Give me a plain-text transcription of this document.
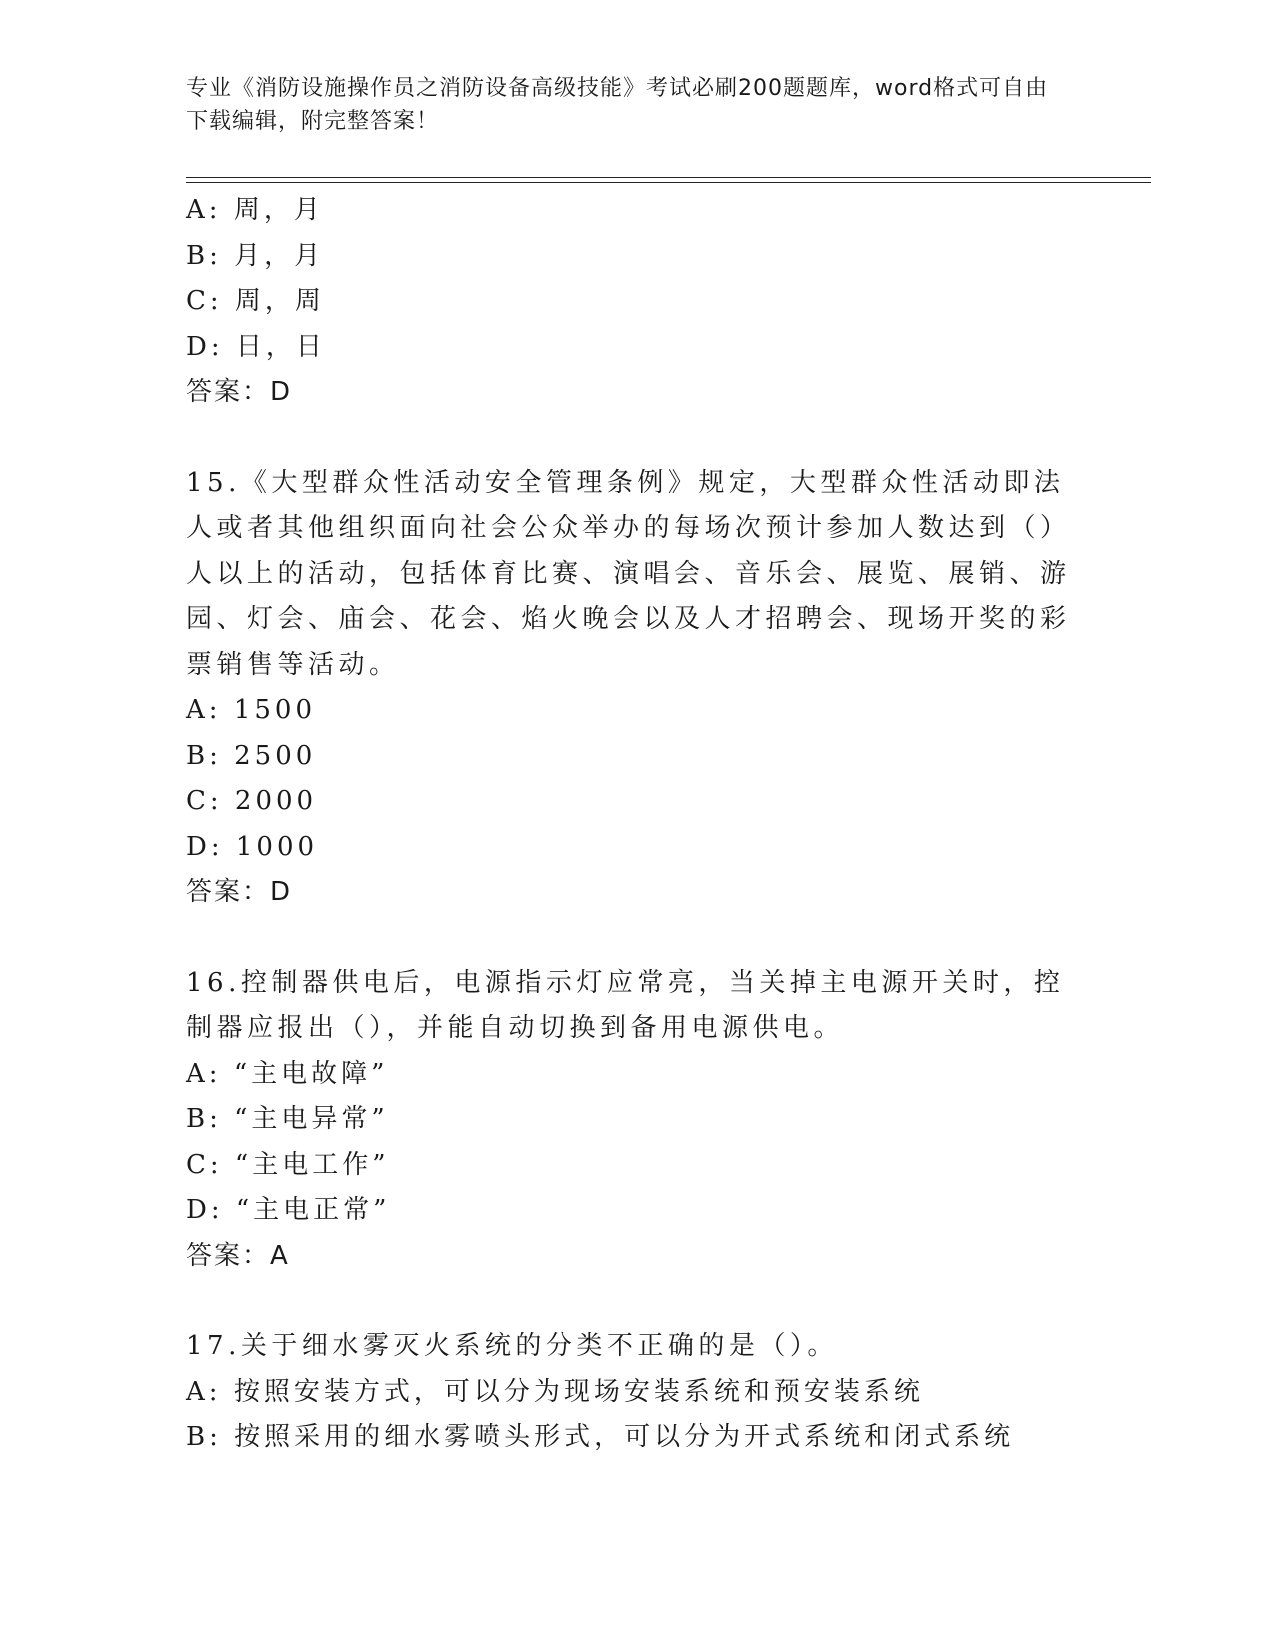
专业《消防设施操作员之消防设备高级技能》考试必刷200题题库，word格式可自由下载编辑，附完整答案！
A: 周，月
B: 月，月
C: 周，周
D: 日，日
答案：D
15.《大型群众性活动安全管理条例》规定，大型群众性活动即法人或者其他组织面向社会公众举办的每场次预计参加人数达到（）人以上的活动，包括体育比赛、演唱会、音乐会、展览、展销、游园、灯会、庙会、花会、焰火晚会以及人才招聘会、现场开奖的彩票销售等活动。
A: 1500
B: 2500
C: 2000
D: 1000
答案：D
16.控制器供电后，电源指示灯应常亮，当关掉主电源开关时，控制器应报出（），并能自动切换到备用电源供电。
A: “主电故障”
B: “主电异常”
C: “主电工作”
D: “主电正常”
答案：A
17.关于细水雾灭火系统的分类不正确的是（）。
A: 按照安装方式，可以分为现场安装系统和预安装系统
B: 按照采用的细水雾喷头形式，可以分为开式系统和闭式系统
